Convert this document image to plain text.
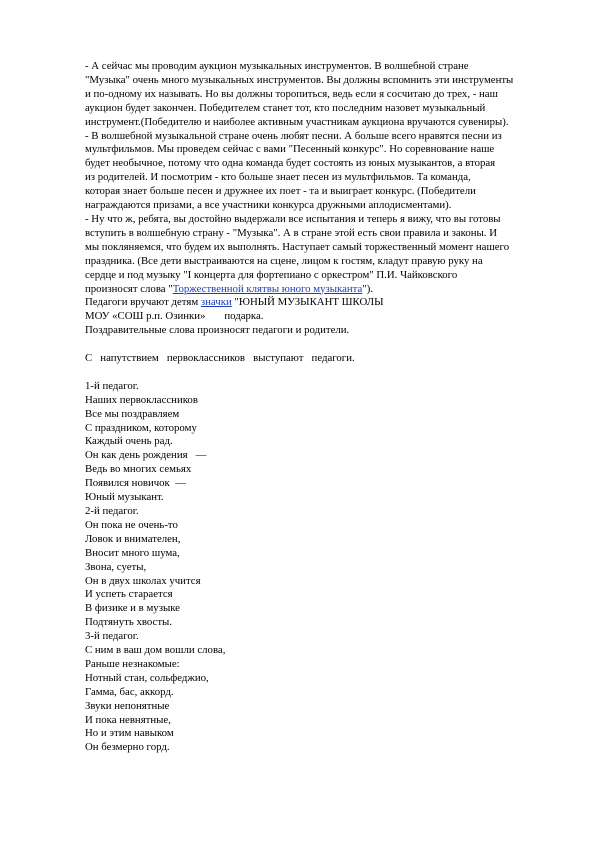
- А сейчас мы проводим аукцион музыкальных инструментов. В волшебной стране
"Музыка" очень много музыкальных инструментов. Вы должны вспомнить эти инструменты
и по-одному их называть. Но вы должны торопиться, ведь если я сосчитаю до трех, - наш
аукцион будет закончен. Победителем станет тот, кто последним назовет музыкальный
инструмент.(Победителю и наиболее активным участникам аукциона вручаются сувениры).
- В волшебной музыкальной стране очень любят песни. А больше всего нравятся песни из
мультфильмов. Мы проведем сейчас с вами "Песенный конкурс". Но соревнование наше
будет необычное, потому что одна команда будет состоять из юных музыкантов, а вторая
из родителей. И посмотрим - кто больше знает песен из мультфильмов. Та команда,
которая знает больше песен и дружнее их поет - та и выиграет конкурс. (Победители
награждаются призами, а все участники конкурса дружными аплодисментами).
- Ну что ж, ребята, вы достойно выдержали все испытания и теперь я вижу, что вы готовы
вступить в волшебную страну - "Музыка". А в стране этой есть свои правила и законы. И
мы покляняемся, что будем их выполнять. Наступает самый торжественный момент нашего
праздника. (Все дети выстраиваются на сцене, лицом к гостям, кладут правую руку на
сердце и под музыку "I концерта для фортепиано с оркестром" П.И. Чайковского
произносят слова "Торжественной клятвы юного музыканта").
Педагоги вручают детям значки "ЮНЫЙ МУЗЫКАНТ ШКОЛЫ
МОУ «СОШ р.п. Озинки»       подарка.
Поздравительные слова произносят педагоги и родители.
С   напутствием   первоклассников   выступают   педагоги.
1-й педагог.
Наших первоклассников
Все мы поздравляем
С праздником, которому
Каждый очень рад.
Он как день рождения   —
Ведь во многих семьях
Появился новичок  —
Юный музыкант.
2-й педагог.
Он пока не очень-то
Ловок и внимателен,
Вносит много шума,
Звона, суеты,
Он в двух школах учится
И успеть старается
В физике и в музыке
Подтянуть хвосты.
3-й педагог.
С ним в ваш дом вошли слова,
Раньше незнакомые:
Нотный стан, сольфеджио,
Гамма, бас, аккорд.
Звуки непонятные
И пока невнятные,
Но и этим навыком
Он безмерно горд.
